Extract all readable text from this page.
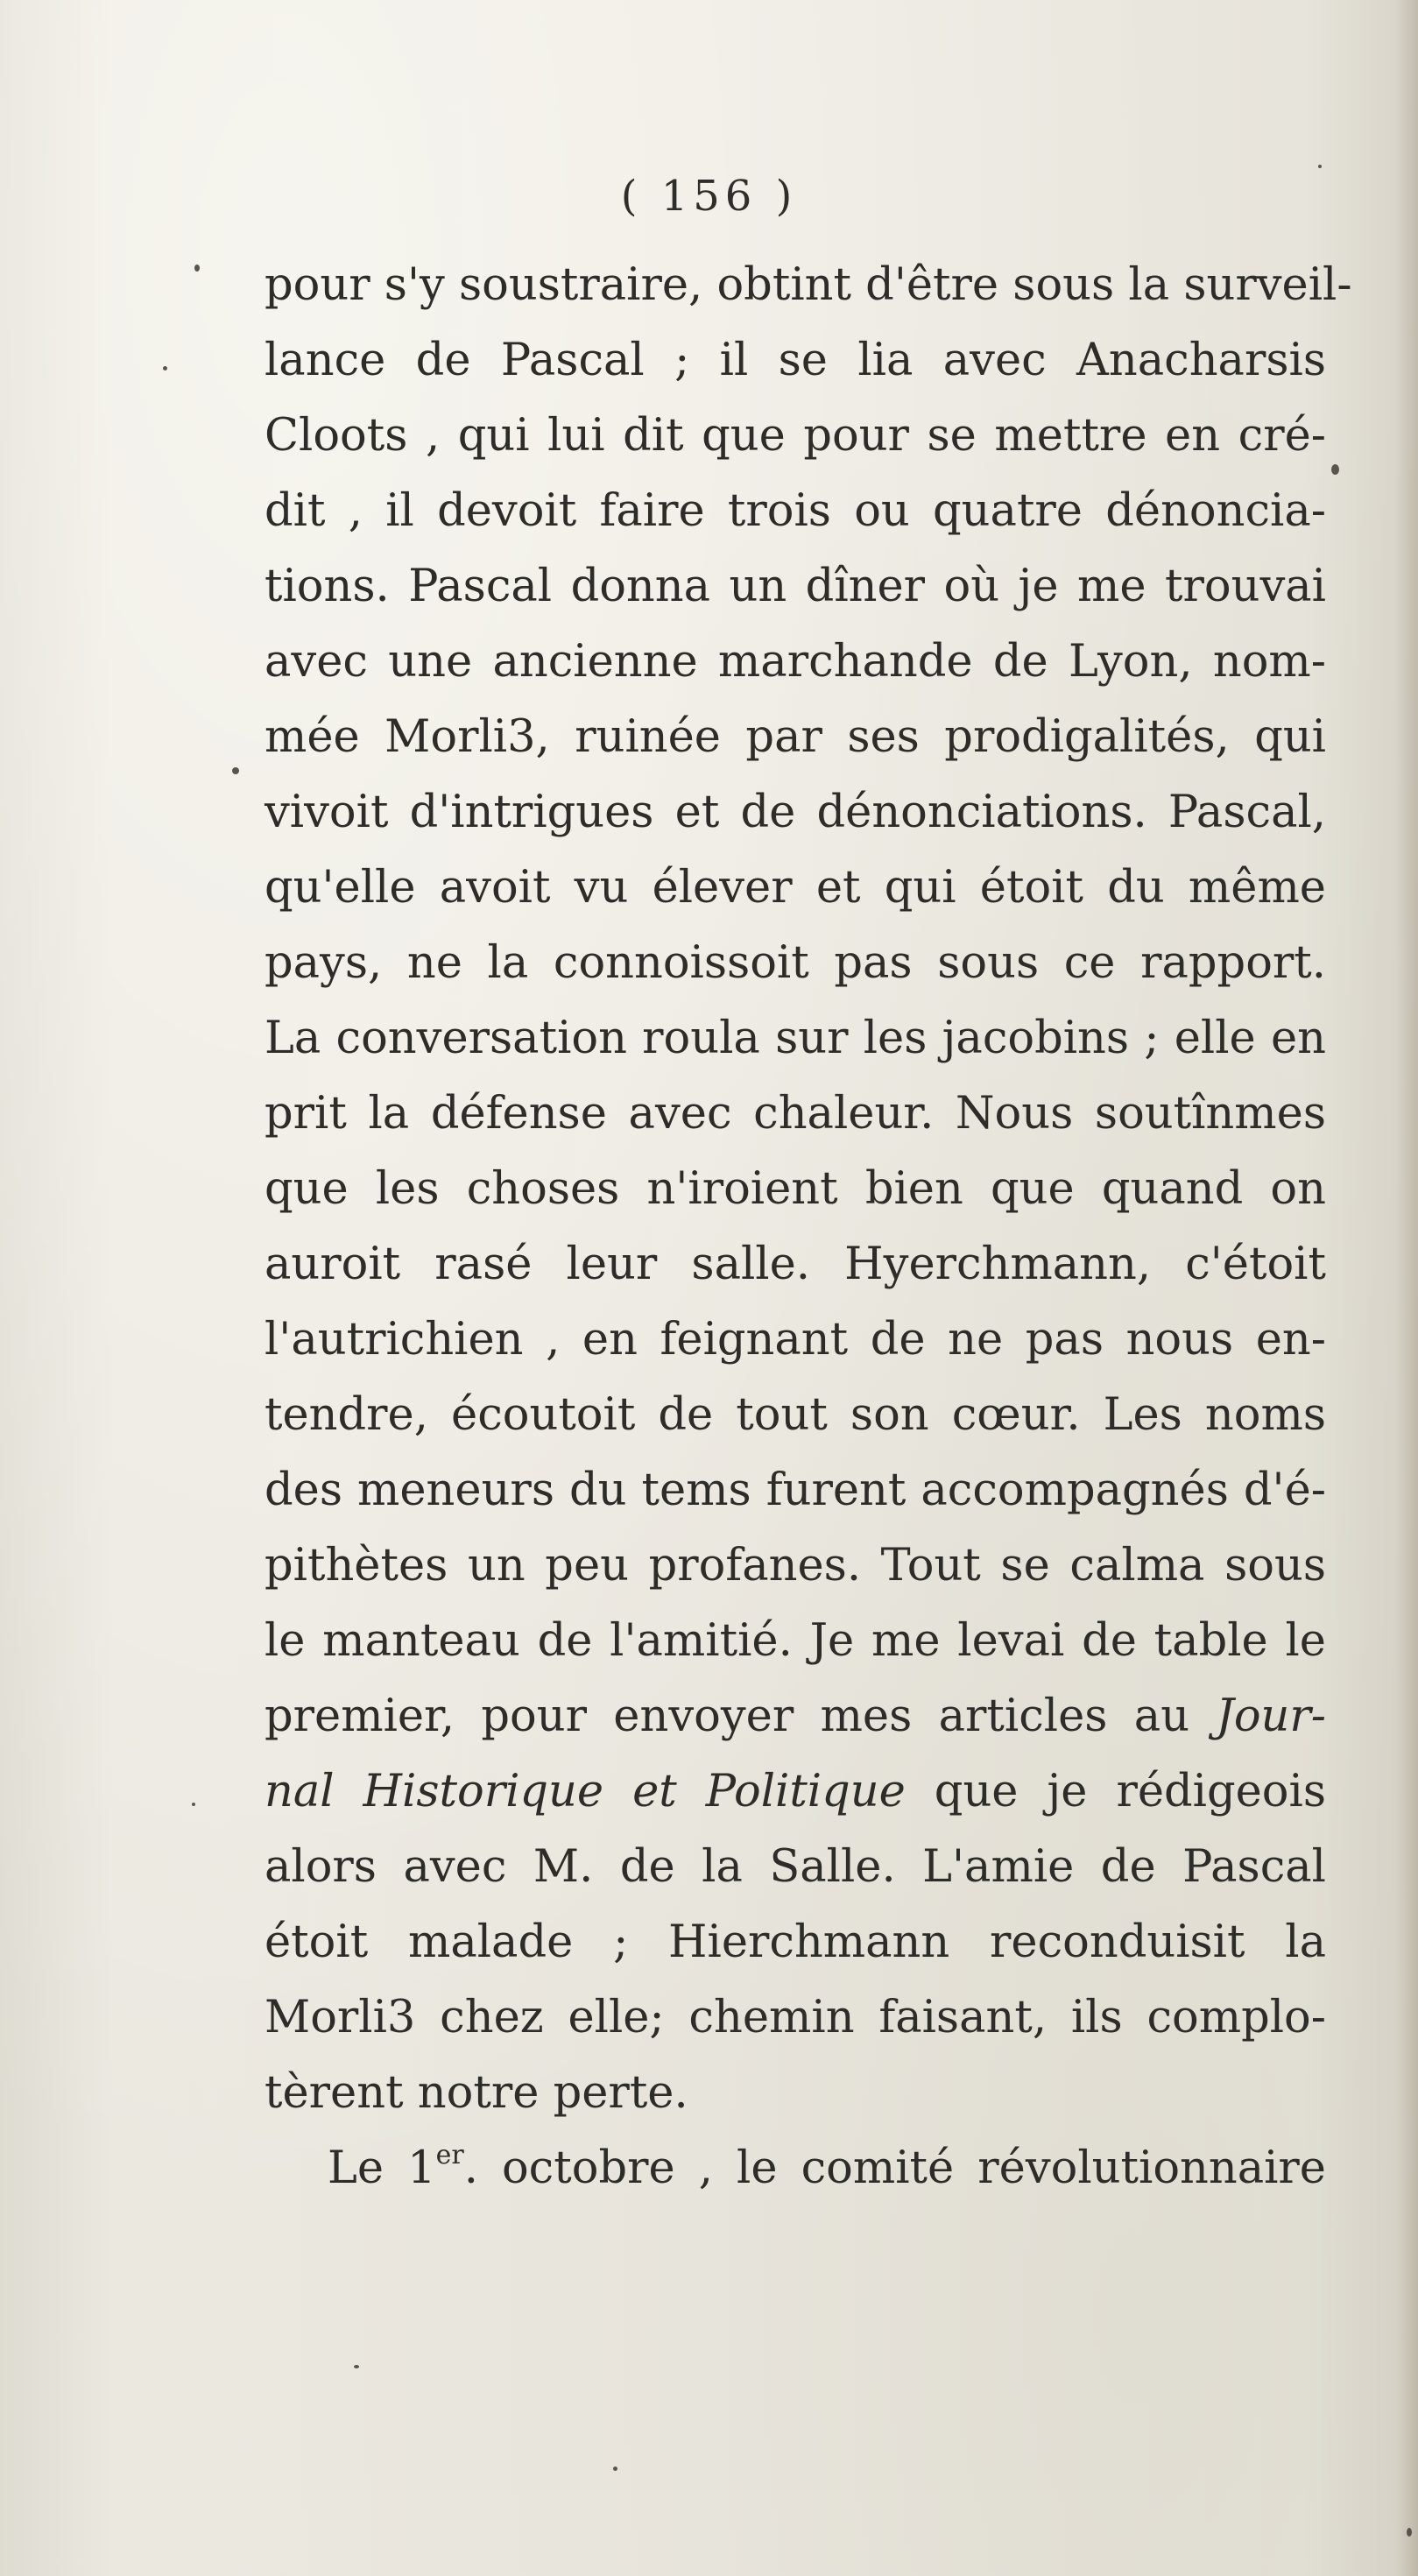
( 156 )
pour s'y soustraire, obtint d'être sous la surveil-
lance de Pascal ; il se lia avec Anacharsis
Cloots , qui lui dit que pour se mettre en cré-
dit , il devoit faire trois ou quatre dénoncia-
tions. Pascal donna un dîner où je me trouvai
avec une ancienne marchande de Lyon, nom-
mée Morli3, ruinée par ses prodigalités, qui
vivoit d'intrigues et de dénonciations. Pascal,
qu'elle avoit vu élever et qui étoit du même
pays, ne la connoissoit pas sous ce rapport.
La conversation roula sur les jacobins ; elle en
prit la défense avec chaleur. Nous soutînmes
que les choses n'iroient bien que quand on
auroit rasé leur salle. Hyerchmann, c'étoit
l'autrichien , en feignant de ne pas nous en-
tendre, écoutoit de tout son cœur. Les noms
des meneurs du tems furent accompagnés d'é-
pithètes un peu profanes. Tout se calma sous
le manteau de l'amitié. Je me levai de table le
premier, pour envoyer mes articles au Jour-
nal Historique et Politique que je rédigeois
alors avec M. de la Salle. L'amie de Pascal
étoit malade ; Hierchmann reconduisit la
Morli3 chez elle; chemin faisant, ils complo-
tèrent notre perte.
Le 1er. octobre , le comité révolutionnaire
